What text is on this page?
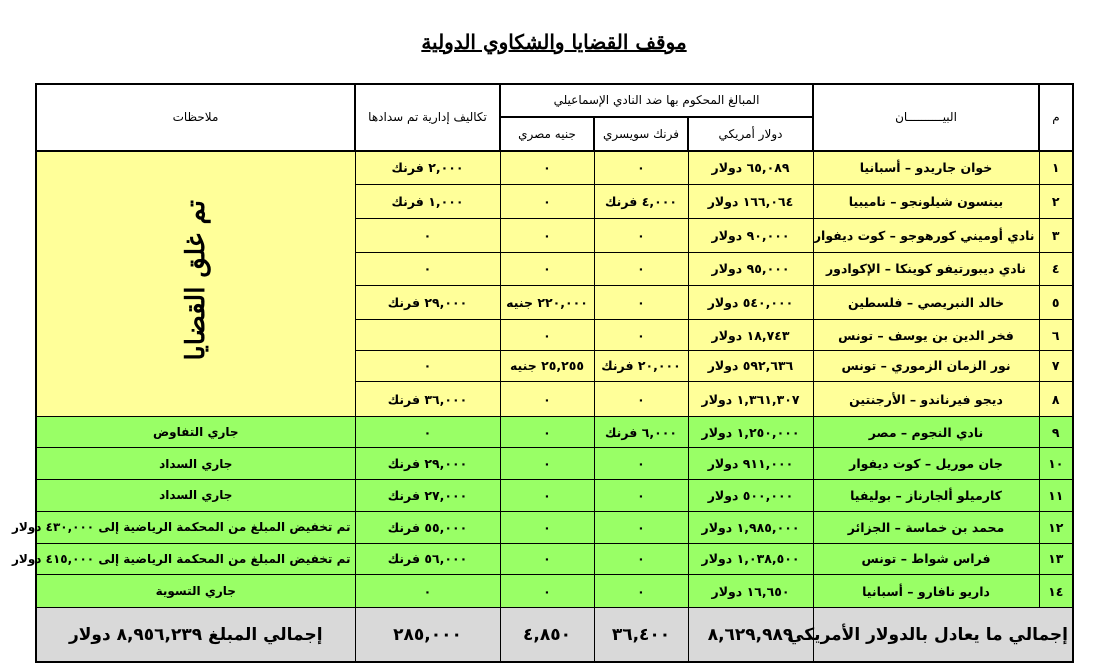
موقف القضايا والشكاوي الدولية
م	البيــــــــــان	المبالغ المحكوم بها ضد النادي الإسماعيلي			تكاليف إدارية تم سدادها	ملاحظات
		دولار أمريكي	فرنك سويسري	جنيه مصري		
١	خوان جاريدو – أسبانيا	٦٥,٠٨٩ دولار	٠	٠	٢,٠٠٠ فرنك	تم غلق القضايا
٢	بينسون شيلونجو – ناميبيا	١٦٦,٠٦٤ دولار	٤,٠٠٠ فرنك	٠	١,٠٠٠ فرنك	
٣	نادي أوميني كورهوجو – كوت ديفوار	٩٠,٠٠٠ دولار	٠	٠	٠	
٤	نادي ديبورتيفو كوينكا – الإكوادور	٩٥,٠٠٠ دولار	٠	٠	٠	
٥	خالد النبريصي – فلسطين	٥٤٠,٠٠٠ دولار	٠	٢٢٠,٠٠٠ جنيه	٢٩,٠٠٠ فرنك	
٦	فخر الدين بن يوسف – تونس	١٨,٧٤٣ دولار	٠	٠		
٧	نور الزمان الزموري – تونس	٥٩٢,٦٣٦ دولار	٢٠,٠٠٠ فرنك	٢٥,٢٥٥ جنيه	٠	
٨	ديجو فيرناندو – الأرجنتين	١,٣٦١,٣٠٧ دولار	٠	٠	٣٦,٠٠٠ فرنك	
٩	نادي النجوم – مصر	١,٢٥٠,٠٠٠ دولار	٦,٠٠٠ فرنك	٠	٠	جاري التفاوض
١٠	جان موريل – كوت ديفوار	٩١١,٠٠٠ دولار	٠	٠	٢٩,٠٠٠ فرنك	جاري السداد
١١	كارميلو ألجارناز – بوليفيا	٥٠٠,٠٠٠ دولار	٠	٠	٢٧,٠٠٠ فرنك	جاري السداد
١٢	محمد بن خماسة – الجزائر	١,٩٨٥,٠٠٠ دولار	٠	٠	٥٥,٠٠٠ فرنك	تم تخفيض المبلغ من المحكمة الرياضية إلى ٤٣٠,٠٠٠ دولار
١٣	فراس شواط – تونس	١,٠٣٨,٥٠٠ دولار	٠	٠	٥٦,٠٠٠ فرنك	تم تخفيض المبلغ من المحكمة الرياضية إلى ٤١٥,٠٠٠ دولار
١٤	داريو نافارو – أسبانيا	١٦,٦٥٠ دولار	٠	٠	٠	جاري التسوية
إجمالي ما يعادل بالدولار الأمريكي		٨,٦٢٩,٩٨٩	٣٦,٤٠٠	٤,٨٥٠	٢٨٥,٠٠٠	إجمالي المبلغ ٨,٩٥٦,٢٣٩ دولار
